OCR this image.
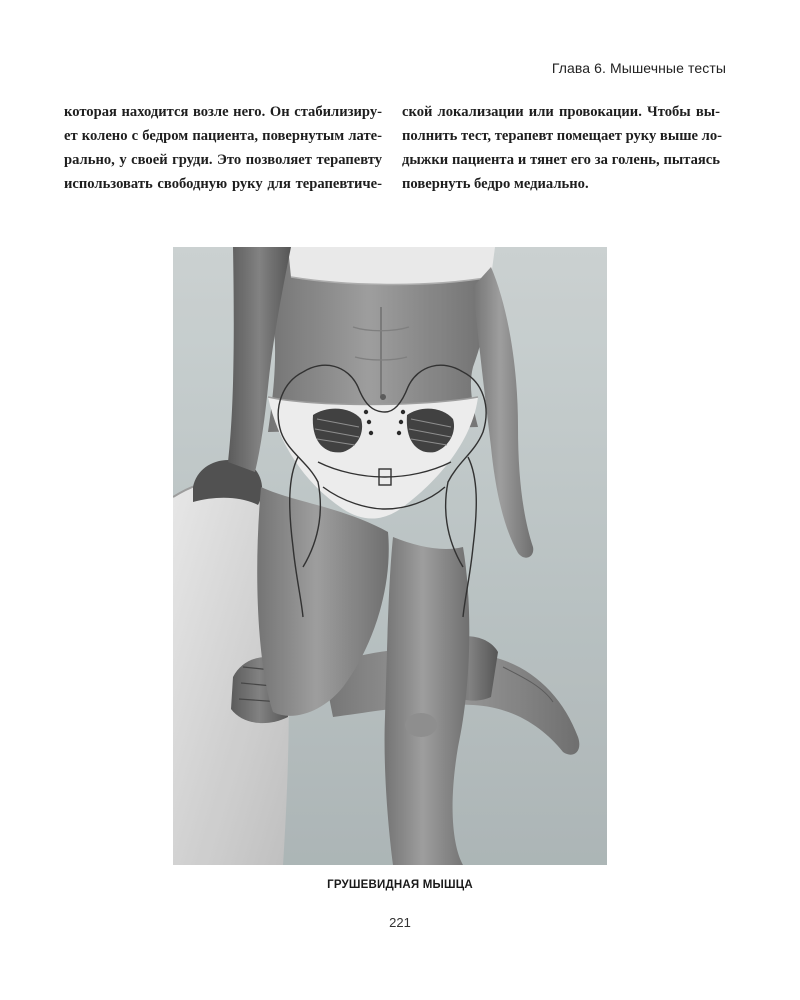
Глава 6. Мышечные тесты
которая находится возле него. Он стабилизиру-
ет колено с бедром пациента, повернутым лате-
рально, у своей груди. Это позволяет терапевту
использовать свободную руку для терапевтиче-
ской локализации или провокации. Чтобы вы-
полнить тест, терапевт помещает руку выше ло-
дыжки пациента и тянет его за голень, пытаясь
повернуть бедро медиально.
ГРУШЕВИДНАЯ МЫШЦА
221
